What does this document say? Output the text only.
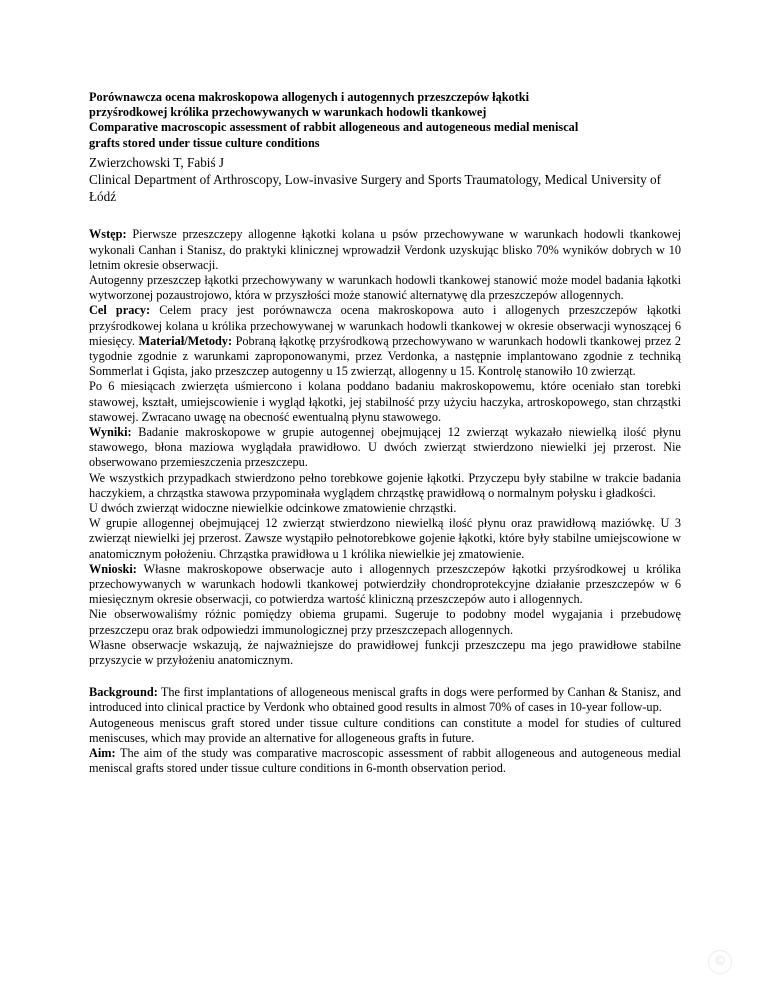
Porównawcza ocena makroskopowa allogenych i autogennych przeszczepów łąkotki
przyśrodkowej królika przechowywanych w warunkach hodowli tkankowej
Comparative macroscopic assessment of rabbit allogeneous and autogeneous medial meniscal
grafts stored under tissue culture conditions
Zwierzchowski T, Fabiś J
Clinical Department of Arthroscopy, Low-invasive Surgery and Sports Traumatology, Medical University of Łódź

Wstęp: Pierwsze przeszczepy allogenne łąkotki kolana u psów przechowywane w warunkach hodowli tkankowej wykonali Canhan i Stanisz, do praktyki klinicznej wprowadził Verdonk uzyskując blisko 70% wyników dobrych w 10 letnim okresie obserwacji.

Autogenny przeszczep łąkotki przechowywany w warunkach hodowli tkankowej stanowić może model badania łąkotki wytworzonej pozaustrojowo, która w przyszłości może stanowić alternatywę dla przeszczepów allogennych.

Cel pracy: Celem pracy jest porównawcza ocena makroskopowa auto i allogenych przeszczepów łąkotki przyśrodkowej kolana u królika przechowywanej w warunkach hodowli tkankowej w okresie obserwacji wynoszącej 6 miesięcy. Materiał/Metody: Pobraną łąkotkę przyśrodkową przechowywano w warunkach hodowli tkankowej przez 2 tygodnie zgodnie z warunkami zaproponowanymi, przez Verdonka, a następnie implantowano zgodnie z techniką Sommerlat i Gqista, jako przeszczep autogenny u 15 zwierząt, allogenny u 15. Kontrolę stanowiło 10 zwierząt.

Po 6 miesiącach zwierzęta uśmiercono i kolana poddano badaniu makroskopowemu, które oceniało stan torebki stawowej, kształt, umiejscowienie i wygląd łąkotki, jej stabilność przy użyciu haczyka, artroskopowego, stan chrząstki stawowej. Zwracano uwagę na obecność ewentualną płynu stawowego.

Wyniki: Badanie makroskopowe w grupie autogennej obejmującej 12 zwierząt wykazało niewielką ilość płynu stawowego, błona maziowa wyglądała prawidłowo. U dwóch zwierząt stwierdzono niewielki jej przerost. Nie obserwowano przemieszczenia przeszczepu.

We wszystkich przypadkach stwierdzono pełno torebkowe gojenie łąkotki. Przyczepu były stabilne w trakcie badania haczykiem, a chrząstka stawowa przypominała wyglądem chrząstkę prawidłową o normalnym połysku i gładkości.

U dwóch zwierząt widoczne niewielkie odcinkowe zmatowienie chrząstki.

W grupie allogennej obejmującej 12 zwierząt stwierdzono niewielką ilość płynu oraz prawidłową maziówkę. U 3 zwierząt niewielki jej przerost. Zawsze wystąpiło pełnotorebkowe gojenie łąkotki, które były stabilne umiejscowione w anatomicznym położeniu. Chrząstka prawidłowa u 1 królika niewielkie jej zmatowienie.

Wnioski: Własne makroskopowe obserwacje auto i allogennych przeszczepów łąkotki przyśrodkowej u królika przechowywanych w warunkach hodowli tkankowej potwierdziły chondroprotekcyjne działanie przeszczepów w 6 miesięcznym okresie obserwacji, co potwierdza wartość kliniczną przeszczepów auto i allogennych.

Nie obserwowaliśmy różnic pomiędzy obiema grupami. Sugeruje to podobny model wygajania i przebudowę przeszczepu oraz brak odpowiedzi immunologicznej przy przeszczepach allogennych.

Własne obserwacje wskazują, że najważniejsze do prawidłowej funkcji przeszczepu ma jego prawidłowe stabilne przyszycie w przyłożeniu anatomicznym.

Background: The first implantations of allogeneous meniscal grafts in dogs were performed by Canhan & Stanisz, and introduced into clinical practice by Verdonk who obtained good results in almost 70% of cases in 10-year follow-up.

Autogeneous meniscus graft stored under tissue culture conditions can constitute a model for studies of cultured meniscuses, which may provide an alternative for allogeneous grafts in future.

Aim: The aim of the study was comparative macroscopic assessment of rabbit allogeneous and autogeneous medial meniscal grafts stored under tissue culture conditions in 6-month observation period.

©
